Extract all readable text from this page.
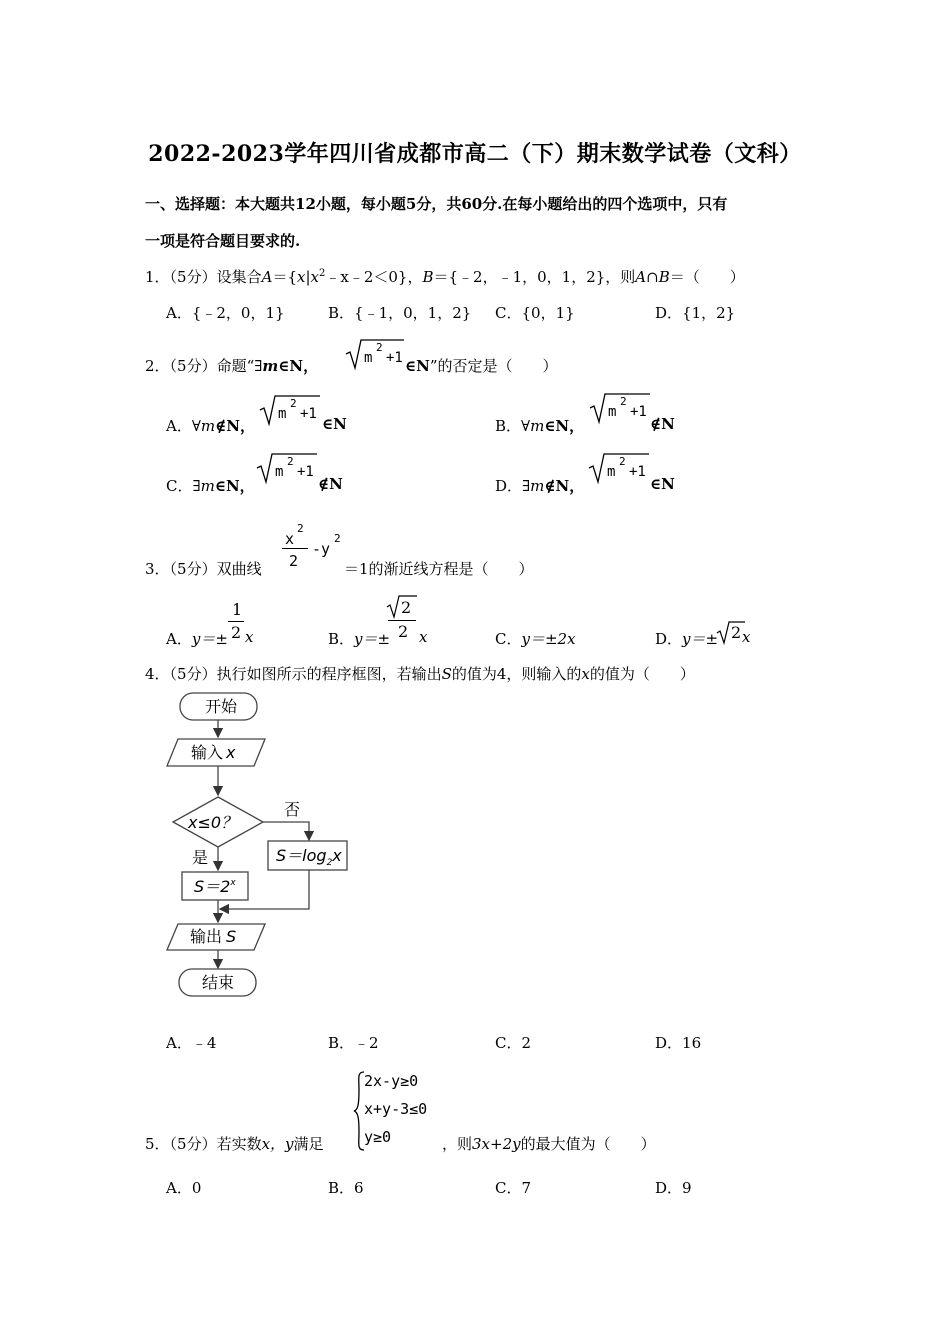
2022-2023学年四川省成都市高二（下）期末数学试卷（文科）
一、选择题：本大题共12小题，每小题5分，共60分.在每小题给出的四个选项中，只有
一项是符合题目要求的.
1．（5分）设集合$A=\{x|x^2﹣x﹣2<0\}$，B＝{﹣2，﹣1，0，1，2}，则A∩B＝（　　）
A．{﹣2，0，1}	B．{﹣1，0，1，2} C．{0，1}	D．{1，2}
2．（5分）命题“∃m∈N，	m
2
+1 ∈N”的否定是（　　）
A．∀m∉N，
m
2
+1
∈N	B．∀m∈N，
m
2
+1
∉N
C．∃m∈N，
m
2
+1
∉N	D．∃m∉N，
m
2
+1
∈N
3．（5分）双曲线
x
2
2
-y
2
＝1的渐近线方程是（　　）
A．y＝±
1
2 x	B．y＝±
2
2 x	C．y＝±2x	D．y＝± 2 x
4．（5分）执行如图所示的程序框图，若输出S的值为4，则输入的x的值为（　　）
开始
输入 x
x≤0？
否
$S=\log_2x$
是
$S=2^x$
输出 S
结束
A．﹣4	B．﹣2	C．2	D．16
5．（5分）若实数x，y满足
2x-y≥0
x+y-3≤0
y≥0	，则3x+2y的最大值为（　　）
A．0	B．6	C．7	D．9
